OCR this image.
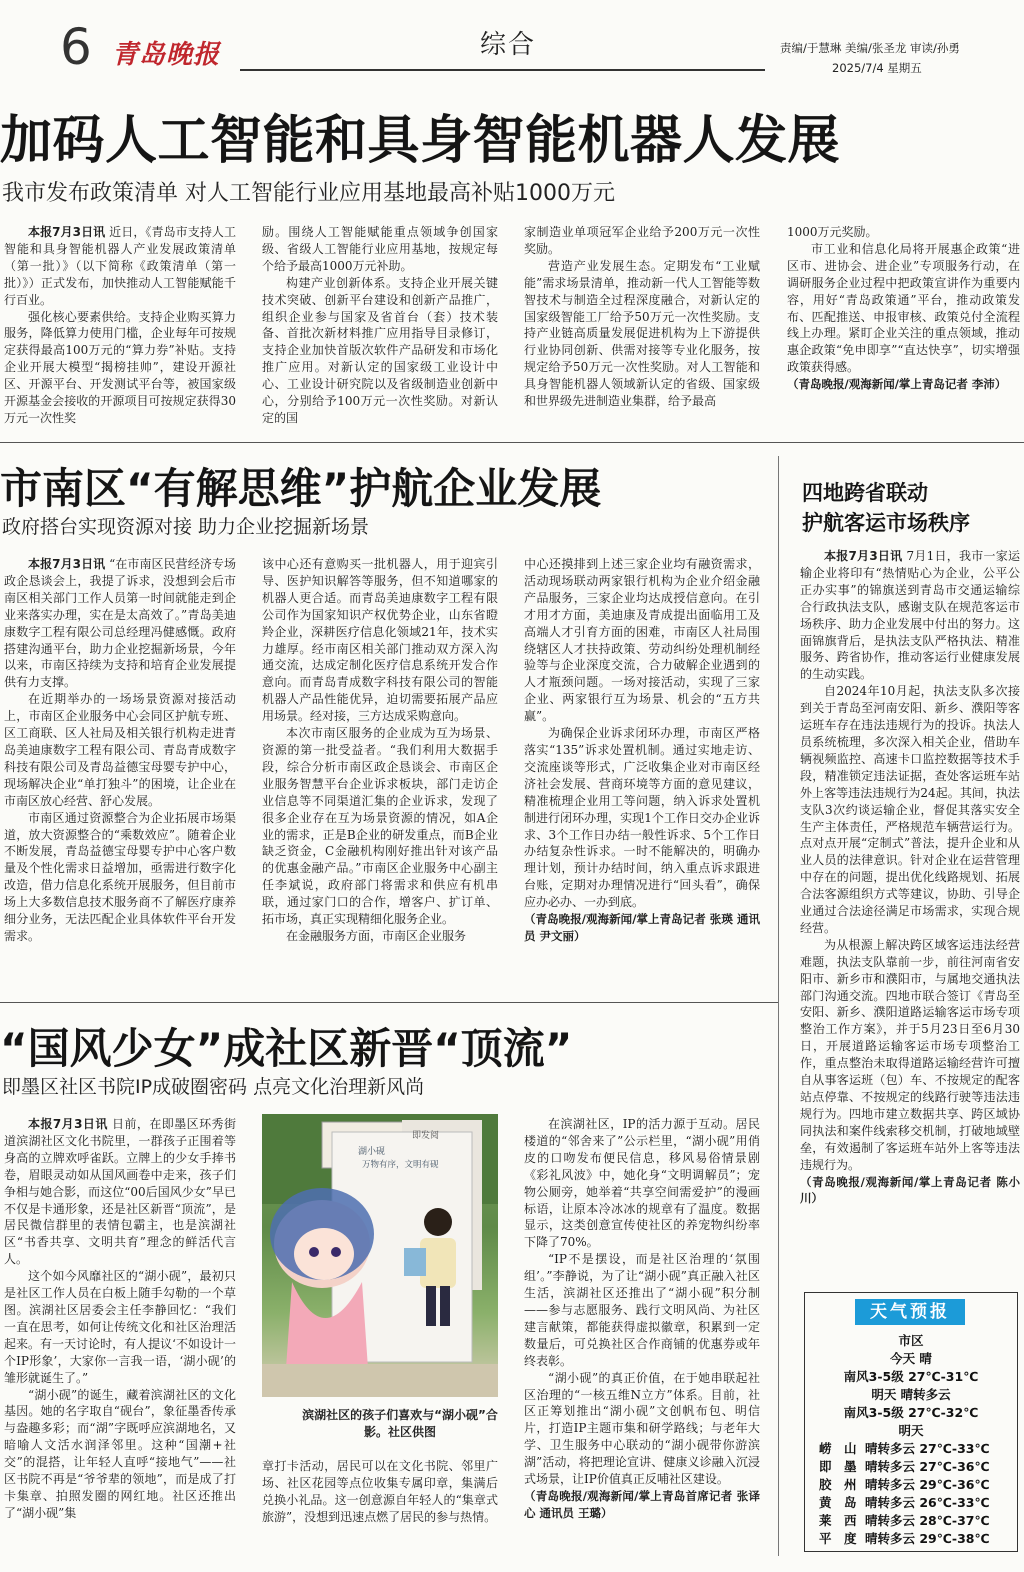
6 青岛晚报	综合	责编/于慧琳 美编/张圣龙 审读/孙勇
2025/7/4 星期五
加码人工智能和具身智能机器人发展
我市发布政策清单 对人工智能行业应用基地最高补贴1000万元

本报7月3日讯 近日，《青岛市支持人工智能和具身智能机器人产业发展政策清单（第一批）》（以下简称《政策清单（第一批）》）正式发布，加快推动人工智能赋能千行百业。

强化核心要素供给。支持企业购买算力服务，降低算力使用门槛，企业每年可按规定获得最高100万元的“算力券”补贴。支持企业开展大模型“揭榜挂帅”，建设开源社区、开源平台、开发测试平台等，被国家级开源基金会接收的开源项目可按规定获得30万元一次性奖

励。围绕人工智能赋能重点领域争创国家级、省级人工智能行业应用基地，按规定每个给予最高1000万元补助。

构建产业创新体系。支持企业开展关键技术突破、创新平台建设和创新产品推广，组织企业参与国家及省首台（套）技术装备、首批次新材料推广应用指导目录修订，支持企业加快首版次软件产品研发和市场化推广应用。对新认定的国家级工业设计中心、工业设计研究院以及省级制造业创新中心，分别给予100万元一次性奖励。对新认定的国

家制造业单项冠军企业给予200万元一次性奖励。

营造产业发展生态。定期发布“工业赋能”需求场景清单，推动新一代人工智能等数智技术与制造全过程深度融合，对新认定的国家级智能工厂给予50万元一次性奖励。支持产业链高质量发展促进机构为上下游提供行业协同创新、供需对接等专业化服务，按规定给予50万元一次性奖励。对人工智能和具身智能机器人领域新认定的省级、国家级和世界级先进制造业集群，给予最高

1000万元奖励。

市工业和信息化局将开展惠企政策“进区市、进协会、进企业”专项服务行动，在调研服务企业过程中把政策宣讲作为重要内容，用好“青岛政策通”平台，推动政策发布、匹配推送、申报审核、政策兑付全流程线上办理。紧盯企业关注的重点领域，推动惠企政策“免申即享”“直达快享”，切实增强政策获得感。

（青岛晚报/观海新闻/掌上青岛记者 李沛）

市南区“有解思维”护航企业发展
政府搭台实现资源对接 助力企业挖掘新场景

本报7月3日讯 “在市南区民营经济专场政企恳谈会上，我提了诉求，没想到会后市南区相关部门工作人员第一时间就能走到企业来落实办理，实在是太高效了。”青岛美迪康数字工程有限公司总经理冯健感慨。政府搭建沟通平台，助力企业挖掘新场景，今年以来，市南区持续为支持和培育企业发展提供有力支撑。

在近期举办的一场场景资源对接活动上，市南区企业服务中心会同区护航专班、区工商联、区人社局及相关银行机构走进青岛美迪康数字工程有限公司、青岛青成数字科技有限公司及青岛益德宝母婴专护中心，现场解决企业“单打独斗”的困境，让企业在市南区放心经营、舒心发展。

市南区通过资源整合为企业拓展市场渠道，放大资源整合的“乘数效应”。随着企业不断发展，青岛益德宝母婴专护中心客户数量及个性化需求日益增加，亟需进行数字化改造，借力信息化系统开展服务，但目前市场上大多数信息技术服务商不了解医疗康养细分业务，无法匹配企业具体软件平台开发需求。

该中心还有意购买一批机器人，用于迎宾引导、医护知识解答等服务，但不知道哪家的机器人更合适。而青岛美迪康数字工程有限公司作为国家知识产权优势企业，山东省瞪羚企业，深耕医疗信息化领域21年，技术实力雄厚。经市南区相关部门推动双方深入沟通交流，达成定制化医疗信息系统开发合作意向。而青岛青成数字科技有限公司的智能机器人产品性能优异，迫切需要拓展产品应用场景。经对接，三方达成采购意向。

本次市南区服务的企业成为互为场景、资源的第一批受益者。“我们利用大数据手段，综合分析市南区政企恳谈会、市南区企业服务智慧平台企业诉求板块，部门走访企业信息等不同渠道汇集的企业诉求，发现了很多企业存在互为场景资源的情况，如A企业的需求，正是B企业的研发重点，而B企业缺乏资金，C金融机构刚好推出针对该产品的优惠金融产品。”市南区企业服务中心副主任李斌说，政府部门将需求和供应有机串联，通过家门口的合作，增客户、扩订单、拓市场，真正实现精细化服务企业。

在金融服务方面，市南区企业服务

中心还摸排到上述三家企业均有融资需求，活动现场联动两家银行机构为企业介绍金融产品服务，三家企业均达成授信意向。在引才用才方面，美迪康及青成提出面临用工及高端人才引育方面的困难，市南区人社局围绕辖区人才扶持政策、劳动纠纷处理机制经验等与企业深度交流，合力破解企业遇到的人才瓶颈问题。一场对接活动，实现了三家企业、两家银行互为场景、机会的“五方共赢”。

为确保企业诉求闭环办理，市南区严格落实“135”诉求处置机制。通过实地走访、交流座谈等形式，广泛收集企业对市南区经济社会发展、营商环境等方面的意见建议，精准梳理企业用工等问题，纳入诉求处置机制进行闭环办理，实现1个工作日交办企业诉求、3个工作日办结一般性诉求、5个工作日办结复杂性诉求。一时不能解决的，明确办理计划，预计办结时间，纳入重点诉求跟进台账，定期对办理情况进行“回头看”，确保应办必办、一办到底。

（青岛晚报/观海新闻/掌上青岛记者 张瑛 通讯员 尹文丽）

四地跨省联动
护航客运市场秩序

本报7月3日讯 7月1日，我市一家运输企业将印有“热情贴心为企业，公平公正办实事”的锦旗送到青岛市交通运输综合行政执法支队，感谢支队在规范客运市场秩序、助力企业发展中付出的努力。这面锦旗背后，是执法支队严格执法、精准服务、跨省协作，推动客运行业健康发展的生动实践。

自2024年10月起，执法支队多次接到关于青岛至河南安阳、新乡、濮阳等客运班车存在违法违规行为的投诉。执法人员系统梳理，多次深入相关企业，借助车辆视频监控、高速卡口监控数据等技术手段，精准锁定违法证据，查处客运班车站外上客等违法违规行为24起。其间，执法支队3次约谈运输企业，督促其落实安全生产主体责任，严格规范车辆营运行为。点对点开展“定制式”普法，提升企业和从业人员的法律意识。针对企业在运营管理中存在的问题，提出优化线路规划、拓展合法客源组织方式等建议，协助、引导企业通过合法途径满足市场需求，实现合规经营。

为从根源上解决跨区域客运违法经营难题，执法支队靠前一步，前往河南省安阳市、新乡市和濮阳市，与属地交通执法部门沟通交流。四地市联合签订《青岛至安阳、新乡、濮阳道路运输客运市场专项整治工作方案》，并于5月23日至6月30日，开展道路运输客运市场专项整治工作，重点整治未取得道路运输经营许可擅自从事客运班（包）车、不按规定的配客站点停靠、不按规定的线路行驶等违法违规行为。四地市建立数据共享、跨区域协同执法和案件线索移交机制，打破地域壁垒，有效遏制了客运班车站外上客等违法违规行为。

（青岛晚报/观海新闻/掌上青岛记者 陈小川）

“国风少女”成社区新晋“顶流”
即墨区社区书院IP成破圈密码 点亮文化治理新风尚

本报7月3日讯 日前，在即墨区环秀街道滨湖社区文化书院里，一群孩子正围着等身高的立牌欢呼雀跃。立牌上的少女手捧书卷，眉眼灵动如从国风画卷中走来，孩子们争相与她合影，而这位“00后国风少女”早已不仅是卡通形象，还是社区新晋“顶流”，是居民微信群里的表情包霸主，也是滨湖社区“书香共享、文明共育”理念的鲜活代言人。

这个如今风靡社区的“湖小砚”，最初只是社区工作人员在白板上随手勾勒的一个草图。滨湖社区居委会主任李静回忆：“我们一直在思考，如何让传统文化和社区治理活起来。有一天讨论时，有人提议‘不如设计一个IP形象’，大家你一言我一语，‘湖小砚’的雏形就诞生了。”

“湖小砚”的诞生，藏着滨湖社区的文化基因。她的名字取自“砚台”，象征墨香传承与盎趣多彩；而“湖”字既呼应滨湖地名，又暗喻人文活水润泽邻里。这种“国潮+社交”的混搭，让年轻人直呼“接地气”——社区书院不再是“爷爷辈的领地”，而是成了打卡集章、拍照发圈的网红地。社区还推出了“湖小砚”集

即发阅
湖小砚
万物有序，文明有砚
滨湖社区的孩子们喜欢与“湖小砚”合影。社区供图

章打卡活动，居民可以在文化书院、邻里广场、社区花园等点位收集专属印章，集满后兑换小礼品。这一创意源自年轻人的“集章式旅游”，没想到迅速点燃了居民的参与热情。

在滨湖社区，IP的活力源于互动。居民楼道的“邻舍来了”公示栏里，“湖小砚”用俏皮的口吻发布便民信息，移风易俗情景剧《彩礼风波》中，她化身“文明调解员”；宠物公厕旁，她举着“共享空间需爱护”的漫画标语，让原本冷冰冰的规章有了温度。数据显示，这类创意宣传使社区的养宠物纠纷率下降了70%。

“IP不是摆设，而是社区治理的‘氛围组’。”李静说，为了让“湖小砚”真正融入社区生活，滨湖社区还推出了“湖小砚”积分制——参与志愿服务、践行文明风尚、为社区建言献策，都能获得虚拟徽章，积累到一定数量后，可兑换社区合作商铺的优惠券或年终表彰。

“湖小砚”的真正价值，在于她串联起社区治理的“一核五维N立方”体系。目前，社区正筹划推出“湖小砚”文创帆布包、明信片，打造IP主题市集和研学路线；与老年大学、卫生服务中心联动的“湖小砚带你游滨湖”活动，将把理论宣讲、健康义诊融入沉浸式场景，让IP价值真正反哺社区建设。

（青岛晚报/观海新闻/掌上青岛首席记者 张译心 通讯员 王璐）

天气预报
市区
今天 晴
南风3-5级 27℃-31℃
明天 晴转多云
南风3-5级 27℃-32℃
明天
崂　山 晴转多云 27℃-33℃
即　墨 晴转多云 27℃-36℃
胶　州 晴转多云 29℃-36℃
黄　岛 晴转多云 26℃-33℃
莱　西 晴转多云 28℃-37℃
平　度 晴转多云 29℃-38℃
